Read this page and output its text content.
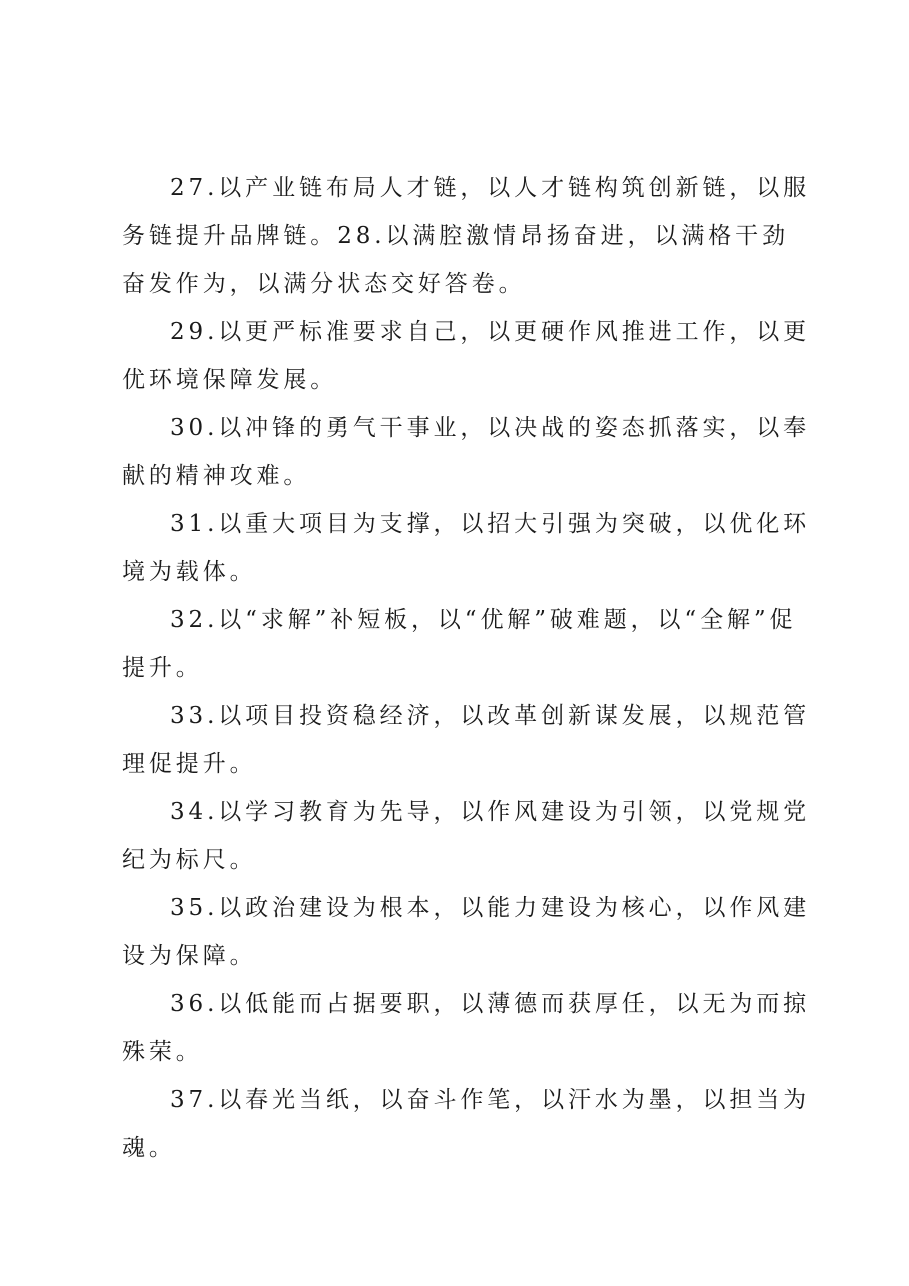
27.以产业链布局人才链，以人才链构筑创新链，以服务链提升品牌链。28.以满腔激情昂扬奋进，以满格干劲奋发作为，以满分状态交好答卷。

29.以更严标准要求自己，以更硬作风推进工作，以更优环境保障发展。

30.以冲锋的勇气干事业，以决战的姿态抓落实，以奉献的精神攻难。

31.以重大项目为支撑，以招大引强为突破，以优化环境为载体。

32.以“求解”补短板，以“优解”破难题，以“全解”促提升。

33.以项目投资稳经济，以改革创新谋发展，以规范管理促提升。

34.以学习教育为先导，以作风建设为引领，以党规党纪为标尺。

35.以政治建设为根本，以能力建设为核心，以作风建设为保障。

36.以低能而占据要职，以薄德而获厚任，以无为而掠殊荣。

37.以春光当纸，以奋斗作笔，以汗水为墨，以担当为魂。
